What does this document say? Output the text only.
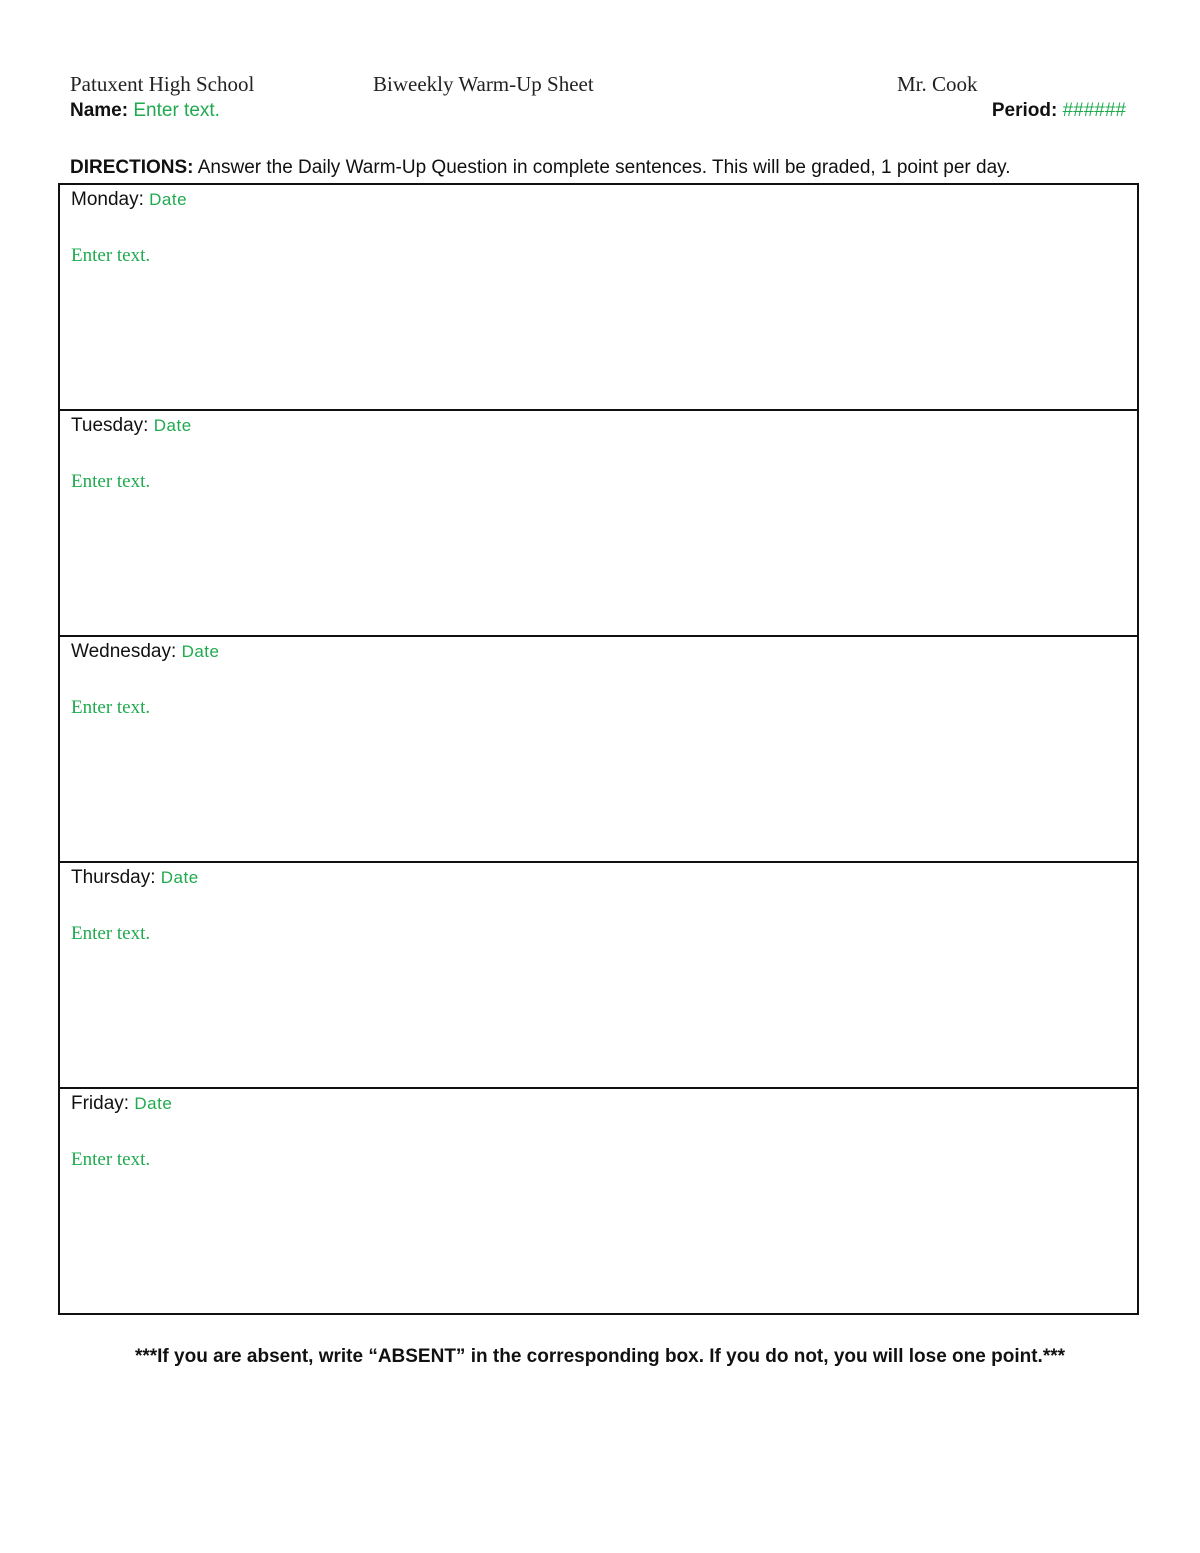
Patuxent High School	Biweekly Warm-Up Sheet	Mr. Cook
Name: Enter text.	Period: ######
DIRECTIONS: Answer the Daily Warm-Up Question in complete sentences. This will be graded, 1 point per day.
Monday: Date
Enter text.
Tuesday: Date
Enter text.
Wednesday: Date
Enter text.
Thursday: Date
Enter text.
Friday: Date
Enter text.
***If you are absent, write “ABSENT” in the corresponding box. If you do not, you will lose one point.***
